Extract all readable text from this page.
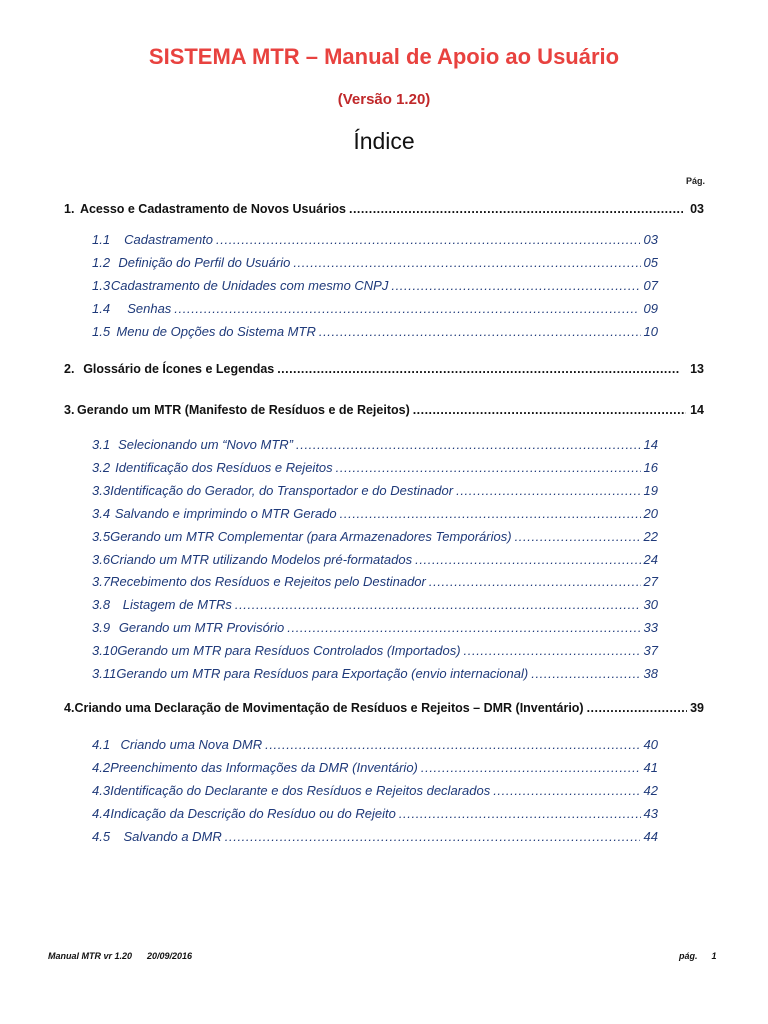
SISTEMA MTR – Manual de Apoio ao Usuário
(Versão 1.20)
Índice
Pág.
1. Acesso e Cadastramento de Novos Usuários . . .	03
1.1	Cadastramento . . .	03
1.2 Definição do Perfil do Usuário . . .	05
1.3 Cadastramento de Unidades com mesmo CNPJ . . .	07
1.4	Senhas . . .	09
1.5 Menu de Opções do Sistema MTR . . .	10
2. Glossário de Ícones e Legendas . . .	13
3. Gerando um MTR (Manifesto de Resíduos e de Rejeitos) . . .	14
3.1 Selecionando um “Novo MTR” . . .	14
3.2 Identificação dos Resíduos e Rejeitos . . .	16
3.3 Identificação do Gerador, do Transportador e do Destinador . . .	19
3.4 Salvando e imprimindo o MTR Gerado . . .	20
3.5 Gerando um MTR Complementar (para Armazenadores Temporários) . . .	22
3.6 Criando um MTR utilizando Modelos pré-formatados . . .	24
3.7 Recebimento dos Resíduos e Rejeitos pelo Destinador . . .	27
3.8 Listagem de MTRs . . .	30
3.9 Gerando um MTR Provisório . . .	33
3.10 Gerando um MTR para Resíduos Controlados (Importados) . . .	37
3.11 Gerando um MTR para Resíduos para Exportação (envio internacional) . . .	38
4. Criando uma Declaração de Movimentação de Resíduos e Rejeitos – DMR (Inventário) . . .	39
4.1 Criando uma Nova DMR . . .	40
4.2 Preenchimento das Informações da DMR (Inventário) . . .	41
4.3 Identificação do Declarante e dos Resíduos e Rejeitos declarados . . .	42
4.4 Indicação da Descrição do Resíduo ou do Rejeito . . .	43
4.5	Salvando a DMR . . .	44
Manual MTR vr 1.20 20/09/2016	pág. 1
